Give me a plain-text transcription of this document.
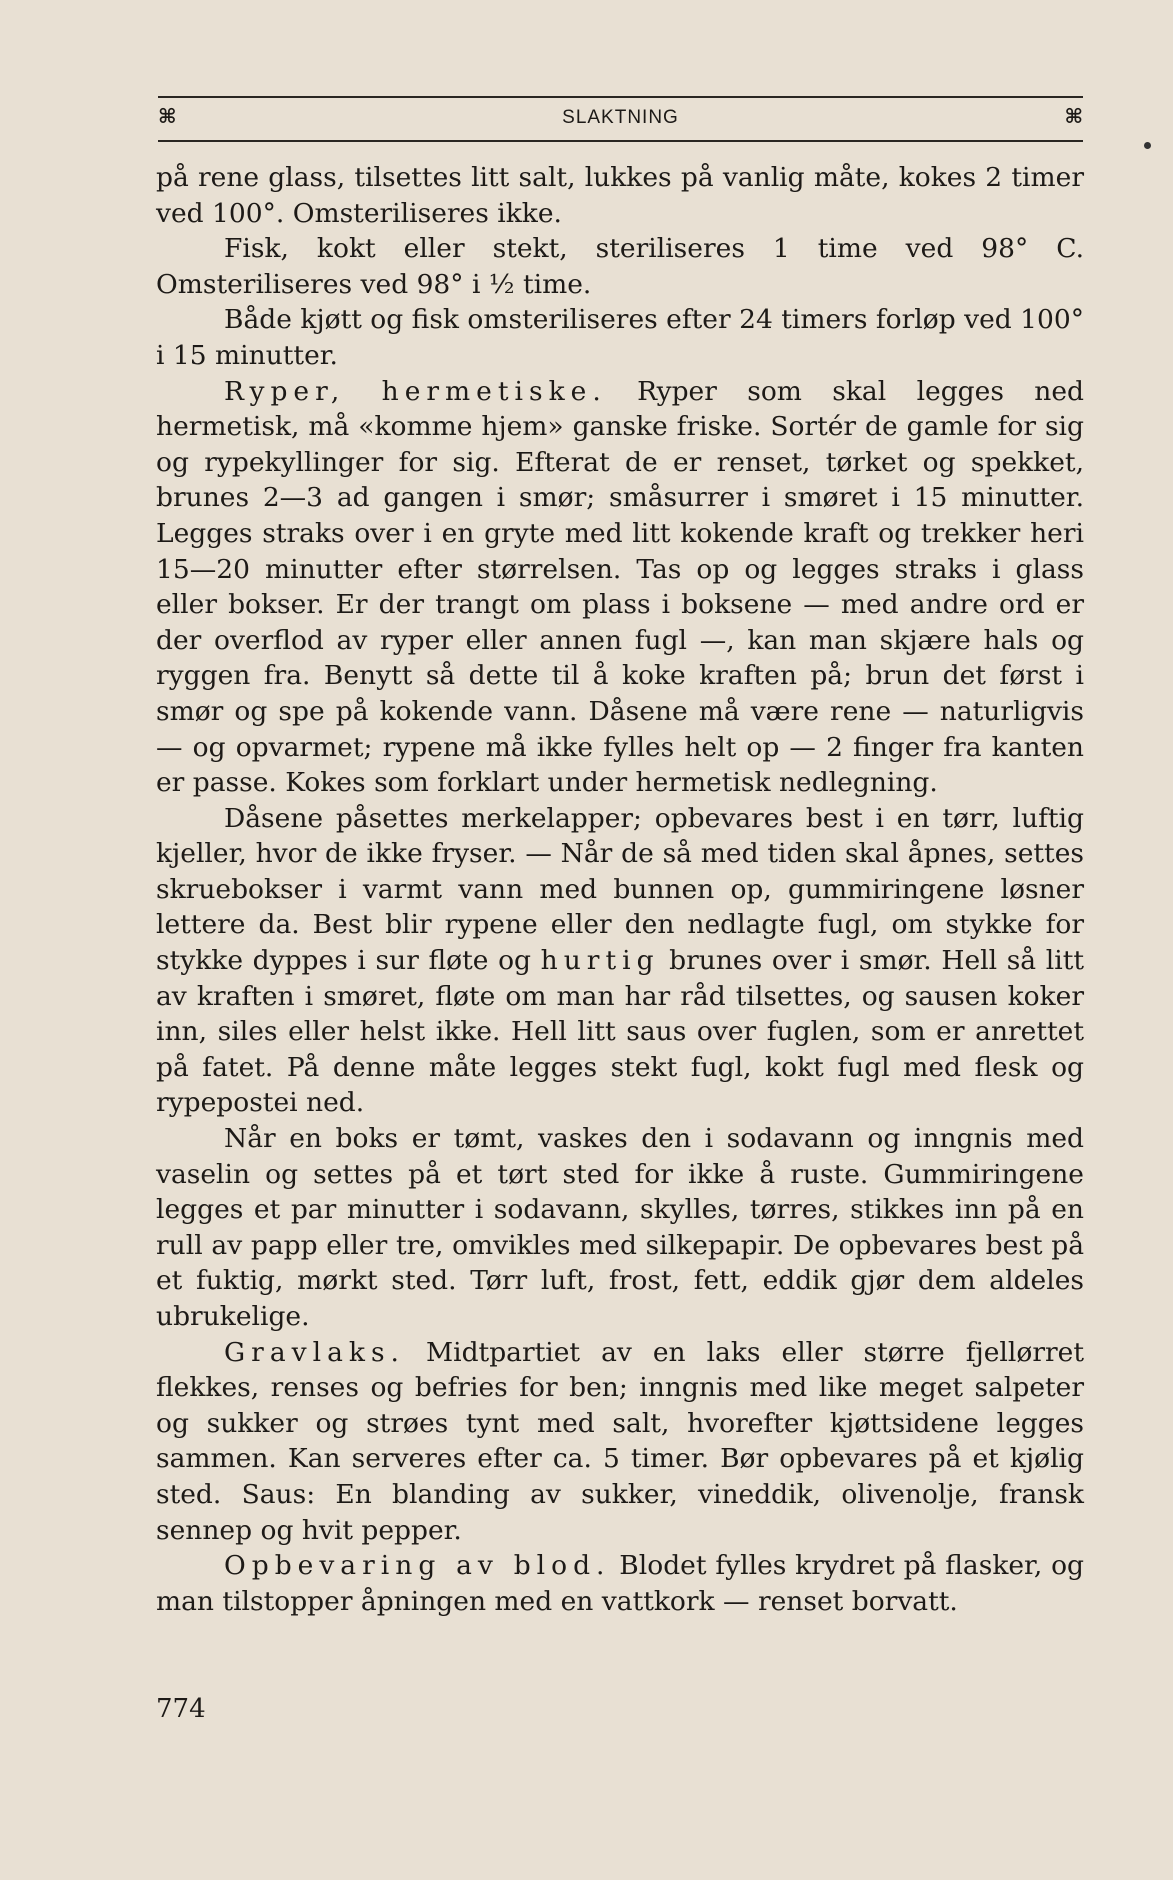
⌘	SLAKTNING	⌘

på rene glass, tilsettes litt salt, lukkes på vanlig måte, kokes 2 timer ved 100°. Omsteriliseres ikke.

Fisk, kokt eller stekt, steriliseres 1 time ved 98° C. Omsteriliseres ved 98° i ½ time.

Både kjøtt og fisk omsteriliseres efter 24 timers forløp ved 100° i 15 minutter.

Ryper, hermetiske. Ryper som skal legges ned hermetisk, må «komme hjem» ganske friske. Sortér de gamle for sig og rypekyllinger for sig. Efterat de er renset, tørket og spekket, brunes 2—3 ad gangen i smør; småsurrer i smøret i 15 minutter. Legges straks over i en gryte med litt kokende kraft og trekker heri 15—20 minutter efter størrelsen. Tas op og legges straks i glass eller bokser. Er der trangt om plass i boksene — med andre ord er der overflod av ryper eller annen fugl —, kan man skjære hals og ryggen fra. Benytt så dette til å koke kraften på; brun det først i smør og spe på kokende vann. Dåsene må være rene — naturligvis — og opvarmet; rypene må ikke fylles helt op — 2 finger fra kanten er passe. Kokes som forklart under hermetisk nedlegning.

Dåsene påsettes merkelapper; opbevares best i en tørr, luftig kjeller, hvor de ikke fryser. — Når de så med tiden skal åpnes, settes skruebokser i varmt vann med bunnen op, gummiringene løsner lettere da. Best blir rypene eller den nedlagte fugl, om stykke for stykke dyppes i sur fløte og hurtig brunes over i smør. Hell så litt av kraften i smøret, fløte om man har råd tilsettes, og sausen koker inn, siles eller helst ikke. Hell litt saus over fuglen, som er anrettet på fatet. På denne måte legges stekt fugl, kokt fugl med flesk og rypepostei ned.

Når en boks er tømt, vaskes den i sodavann og inngnis med vaselin og settes på et tørt sted for ikke å ruste. Gummiringene legges et par minutter i sodavann, skylles, tørres, stikkes inn på en rull av papp eller tre, omvikles med silkepapir. De opbevares best på et fuktig, mørkt sted. Tørr luft, frost, fett, eddik gjør dem aldeles ubrukelige.

Gravlaks. Midtpartiet av en laks eller større fjellørret flekkes, renses og befries for ben; inngnis med like meget salpeter og sukker og strøes tynt med salt, hvorefter kjøttsidene legges sammen. Kan serveres efter ca. 5 timer. Bør opbevares på et kjølig sted. Saus: En blanding av sukker, vineddik, olivenolje, fransk sennep og hvit pepper.

Opbevaring av blod. Blodet fylles krydret på flasker, og man tilstopper åpningen med en vattkork — renset borvatt.

774
